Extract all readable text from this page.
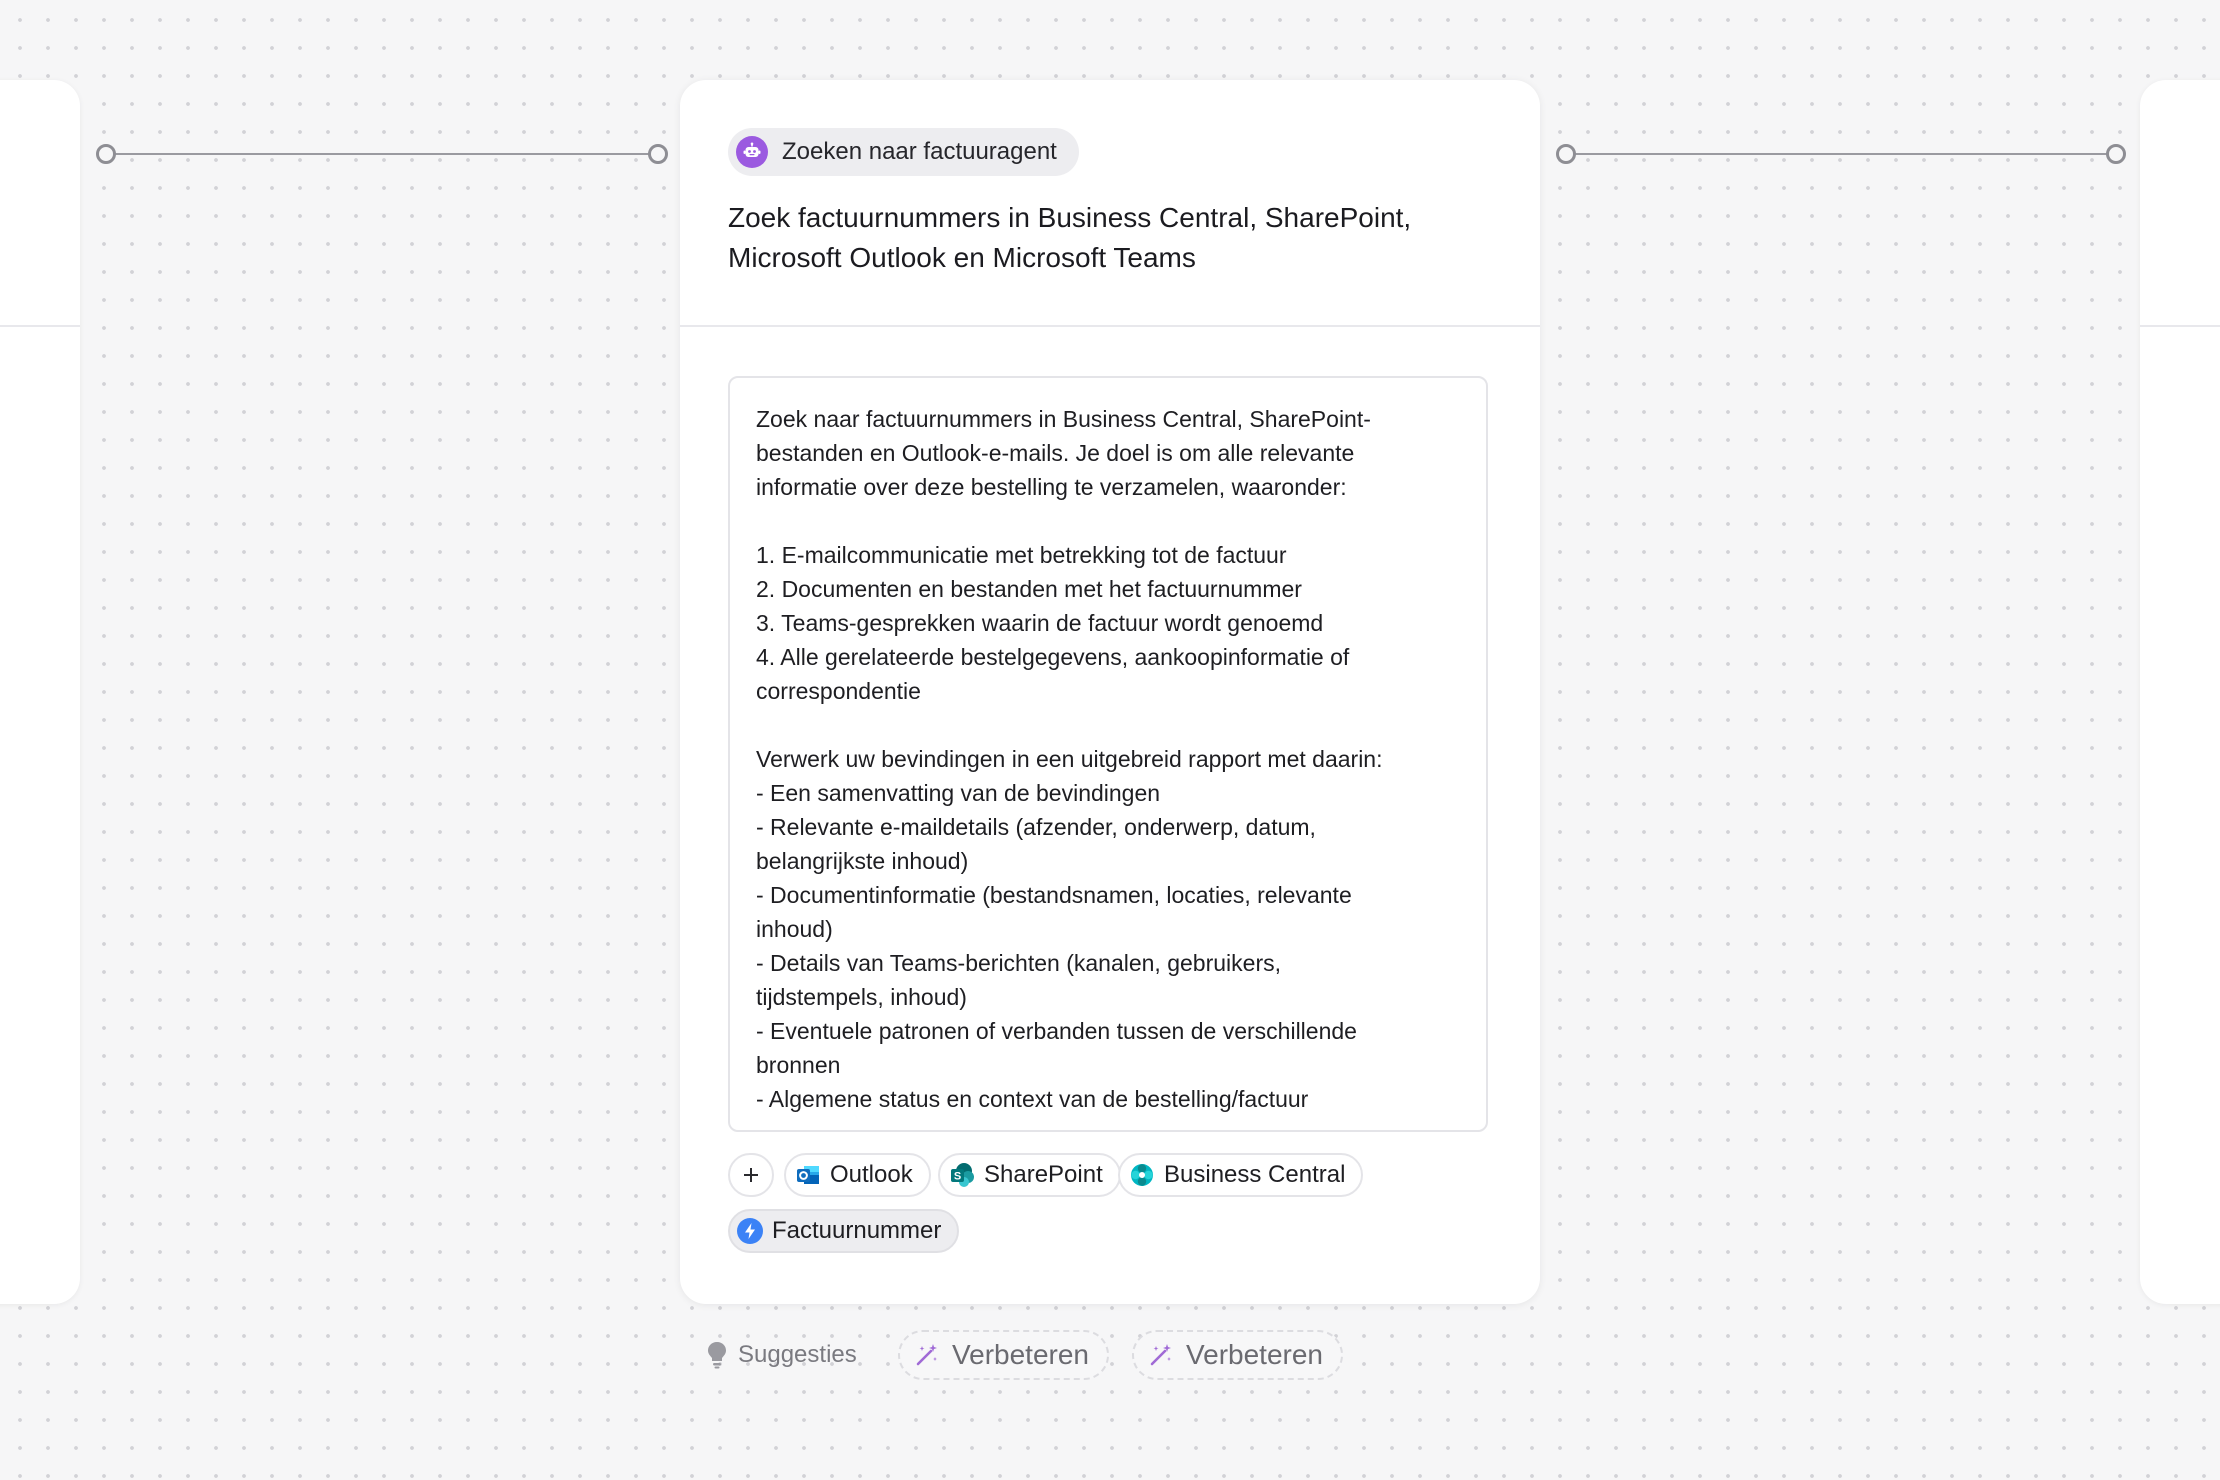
Zoeken naar factuuragent
Zoek factuurnummers in Business Central, SharePoint, Microsoft Outlook en Microsoft Teams
Zoek naar factuurnummers in Business Central, SharePoint-
bestanden en Outlook-e-mails. Je doel is om alle relevante
informatie over deze bestelling te verzamelen, waaronder:
1. E-mailcommunicatie met betrekking tot de factuur
2. Documenten en bestanden met het factuurnummer
3. Teams-gesprekken waarin de factuur wordt genoemd
4. Alle gerelateerde bestelgegevens, aankoopinformatie of
correspondentie
Verwerk uw bevindingen in een uitgebreid rapport met daarin:
- Een samenvatting van de bevindingen
- Relevante e-maildetails (afzender, onderwerp, datum,
belangrijkste inhoud)
- Documentinformatie (bestandsnamen, locaties, relevante
inhoud)
- Details van Teams-berichten (kanalen, gebruikers,
tijdstempels, inhoud)
- Eventuele patronen of verbanden tussen de verschillende
bronnen
- Algemene status en context van de bestelling/factuur
Outlook	S SharePoint	Business Central
Factuurnummer
Suggesties	Verbeteren	Verbeteren
